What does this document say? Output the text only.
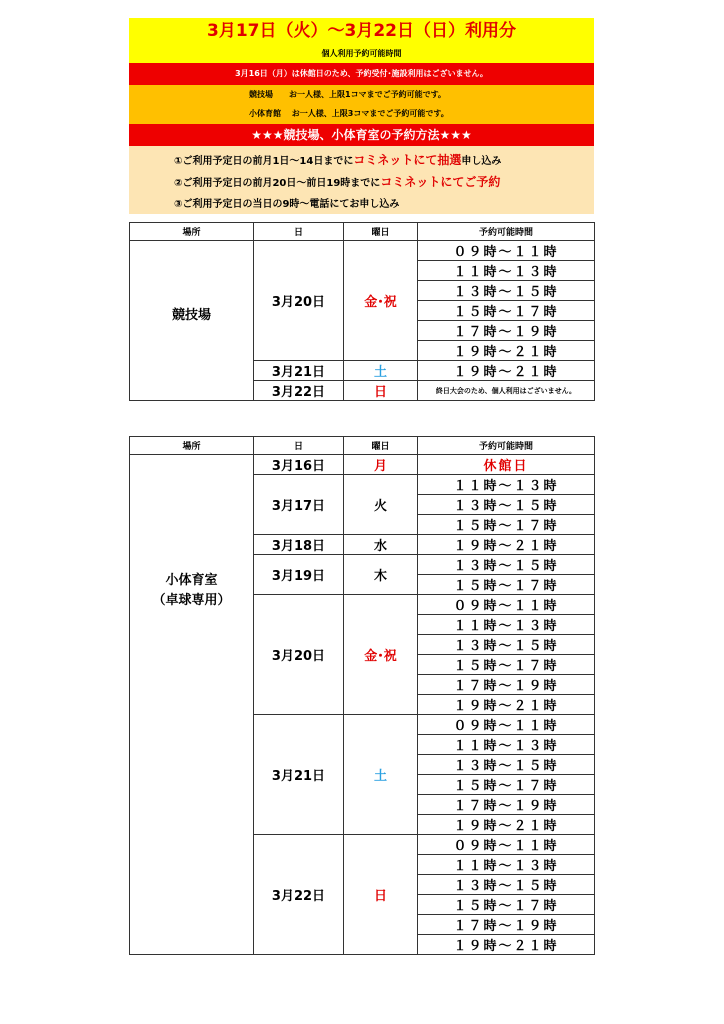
3月17日（火）～3月22日（日）利用分
個人利用予約可能時間
3月16日（月）は休館日のため、予約受付･施設利用はございません。
競技場　　お一人様、上限1コマまでご予約可能です。
小体育館　 お一人様、上限3コマまでご予約可能です。
★★★競技場、小体育室の予約方法★★★
①ご利用予定日の前月1日～14日までにコミネットにて抽選申し込み
②ご利用予定日の前月20日～前日19時までにコミネットにてご予約
③ご利用予定日の当日の9時～電話にてお申し込み
場所	日	曜日	予約可能時間

競技場	3月20日	金･祝	０９時～１１時
			１１時～１３時
			１３時～１５時
			１５時～１７時
			１７時～１９時
			１９時～２１時
	3月21日	土	１９時～２１時
	3月22日	日	終日大会のため、個人利用はございません。
場所	日	曜日	予約可能時間

小体育室
（卓球専用）	3月16日	月	休館日
	3月17日	火	１１時～１３時
			１３時～１５時
			１５時～１７時
	3月18日	水	１９時～２１時
	3月19日	木	１３時～１５時
			１５時～１７時
	3月20日	金･祝	０９時～１１時
			１１時～１３時
			１３時～１５時
			１５時～１７時
			１７時～１９時
			１９時～２１時
	3月21日	土	０９時～１１時
			１１時～１３時
			１３時～１５時
			１５時～１７時
			１７時～１９時
			１９時～２１時
	3月22日	日	０９時～１１時
			１１時～１３時
			１３時～１５時
			１５時～１７時
			１７時～１９時
			１９時～２１時
